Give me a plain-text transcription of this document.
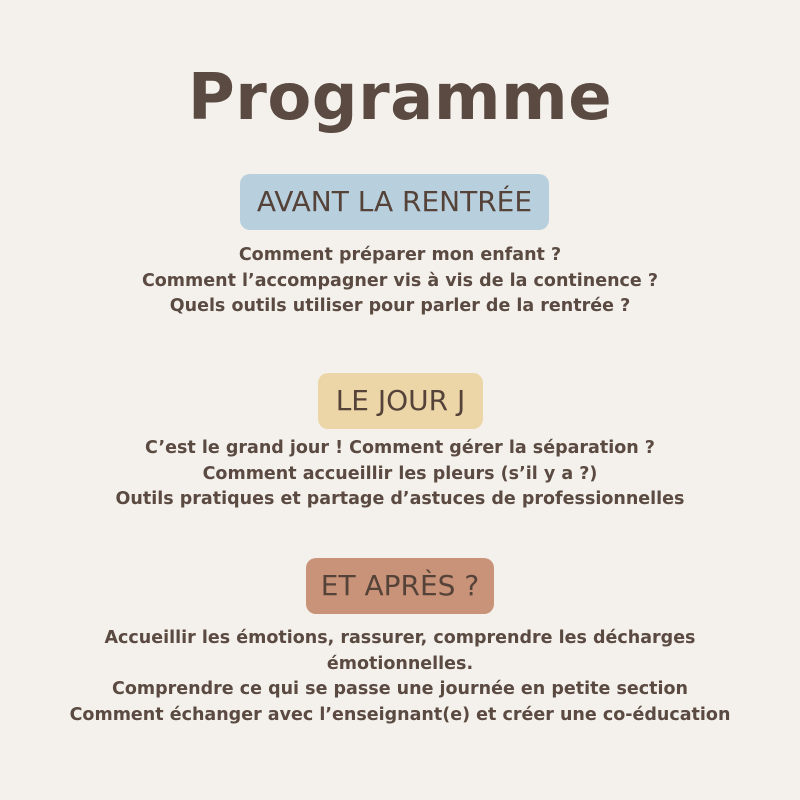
Programme
AVANT LA RENTRÉE
Comment préparer mon enfant ?
Comment l’accompagner vis à vis de la continence ?
Quels outils utiliser pour parler de la rentrée ?
LE JOUR J
C’est le grand jour ! Comment gérer la séparation ?
Comment accueillir les pleurs (s’il y a ?)
Outils pratiques et partage d’astuces de professionnelles
ET APRÈS ?
Accueillir les émotions, rassurer, comprendre les décharges
émotionnelles.
Comprendre ce qui se passe une journée en petite section
Comment échanger avec l’enseignant(e) et créer une co-éducation
